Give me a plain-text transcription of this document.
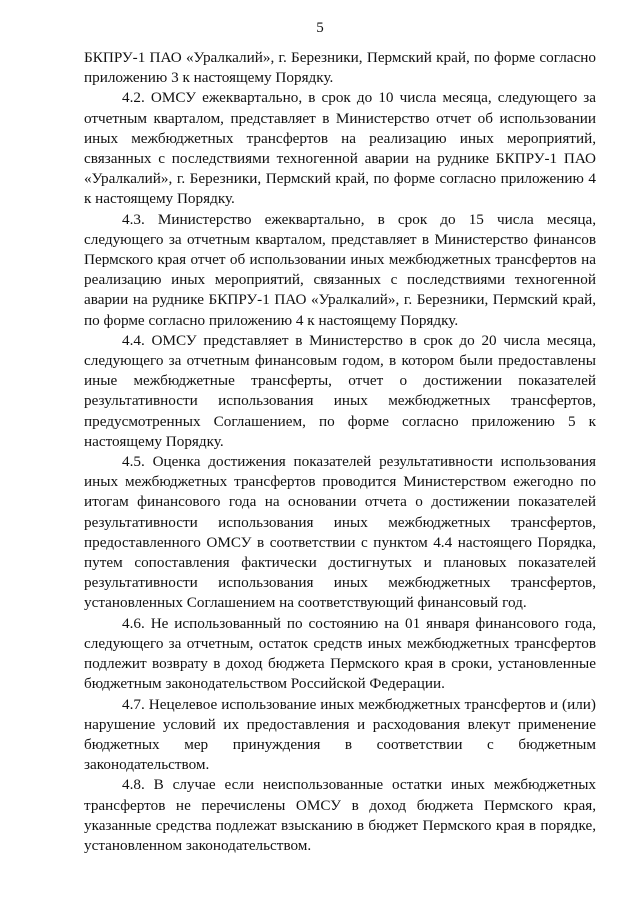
5

БКПРУ-1 ПАО «Уралкалий», г. Березники, Пермский край, по форме согласно приложению 3 к настоящему Порядку.

4.2. ОМСУ ежеквартально, в срок до 10 числа месяца, следующего за отчетным кварталом, представляет в Министерство отчет об использовании иных межбюджетных трансфертов на реализацию иных мероприятий, связанных с последствиями техногенной аварии на руднике БКПРУ-1 ПАО «Уралкалий», г. Березники, Пермский край, по форме согласно приложению 4 к настоящему Порядку.

4.3. Министерство ежеквартально, в срок до 15 числа месяца, следующего за отчетным кварталом, представляет в Министерство финансов Пермского края отчет об использовании иных межбюджетных трансфертов на реализацию иных мероприятий, связанных с последствиями техногенной аварии на руднике БКПРУ-1 ПАО «Уралкалий», г. Березники, Пермский край, по форме согласно приложению 4 к настоящему Порядку.

4.4. ОМСУ представляет в Министерство в срок до 20 числа месяца, следующего за отчетным финансовым годом, в котором были предоставлены иные межбюджетные трансферты, отчет о достижении показателей результативности использования иных межбюджетных трансфертов, предусмотренных Соглашением, по форме согласно приложению 5 к настоящему Порядку.

4.5. Оценка достижения показателей результативности использования иных межбюджетных трансфертов проводится Министерством ежегодно по итогам финансового года на основании отчета о достижении показателей результативности использования иных межбюджетных трансфертов, предоставленного ОМСУ в соответствии с пунктом 4.4 настоящего Порядка, путем сопоставления фактически достигнутых и плановых показателей результативности использования иных межбюджетных трансфертов, установленных Соглашением на соответствующий финансовый год.

4.6. Не использованный по состоянию на 01 января финансового года, следующего за отчетным, остаток средств иных межбюджетных трансфертов подлежит возврату в доход бюджета Пермского края в сроки, установленные бюджетным законодательством Российской Федерации.

4.7. Нецелевое использование иных межбюджетных трансфертов и (или) нарушение условий их предоставления и расходования влекут применение бюджетных мер принуждения в соответствии с бюджетным законодательством.

4.8. В случае если неиспользованные остатки иных межбюджетных трансфертов не перечислены ОМСУ в доход бюджета Пермского края, указанные средства подлежат взысканию в бюджет Пермского края в порядке, установленном законодательством.
